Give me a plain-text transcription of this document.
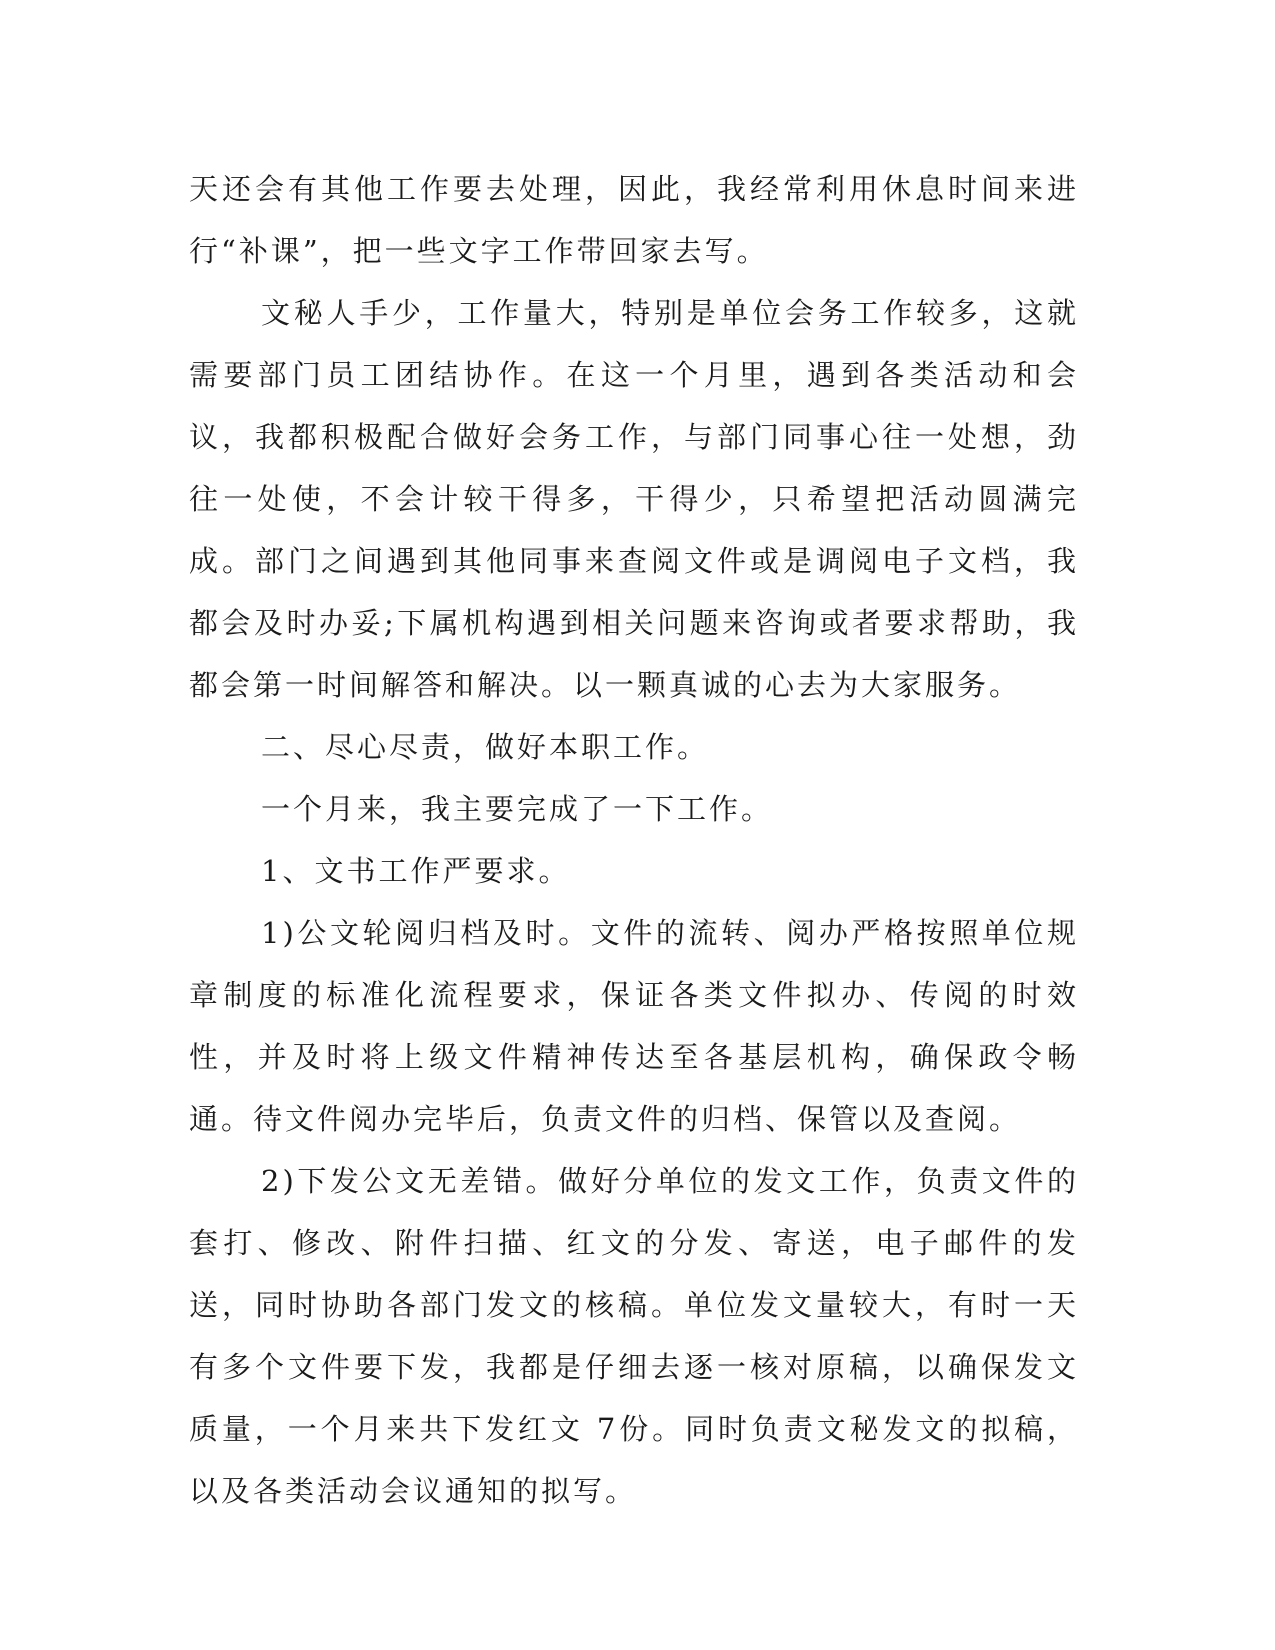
天还会有其他工作要去处理，因此，我经常利用休息时间来进行“补课”，把一些文字工作带回家去写。

文秘人手少，工作量大，特别是单位会务工作较多，这就需要部门员工团结协作。在这一个月里，遇到各类活动和会议，我都积极配合做好会务工作，与部门同事心往一处想，劲往一处使，不会计较干得多，干得少，只希望把活动圆满完成。部门之间遇到其他同事来查阅文件或是调阅电子文档，我都会及时办妥;下属机构遇到相关问题来咨询或者要求帮助，我都会第一时间解答和解决。以一颗真诚的心去为大家服务。

二、尽心尽责，做好本职工作。

一个月来，我主要完成了一下工作。

1、文书工作严要求。

1)公文轮阅归档及时。文件的流转、阅办严格按照单位规章制度的标准化流程要求，保证各类文件拟办、传阅的时效性，并及时将上级文件精神传达至各基层机构，确保政令畅通。待文件阅办完毕后，负责文件的归档、保管以及查阅。

2)下发公文无差错。做好分单位的发文工作，负责文件的套打、修改、附件扫描、红文的分发、寄送，电子邮件的发送，同时协助各部门发文的核稿。单位发文量较大，有时一天有多个文件要下发，我都是仔细去逐一核对原稿，以确保发文质量，一个月来共下发红文 7份。同时负责文秘发文的拟稿，以及各类活动会议通知的拟写。
